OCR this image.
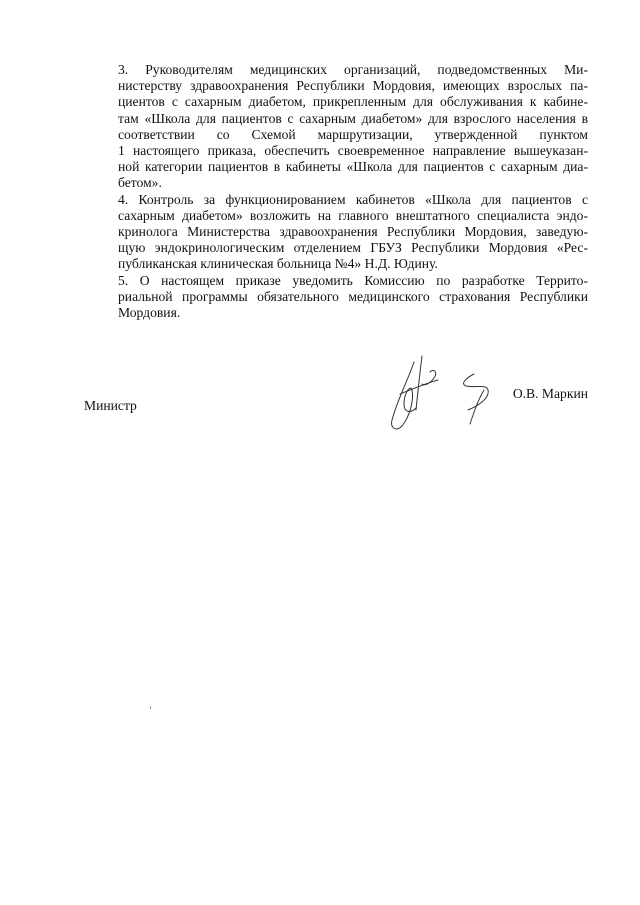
3. Руководителям медицинских организаций, подведомственных Ми-
нистерству здравоохранения Республики Мордовия, имеющих взрослых па-
циентов с сахарным диабетом, прикрепленным для обслуживания к кабине-
там «Школа для пациентов с сахарным диабетом» для взрослого населения в
соответствии со Схемой маршрутизации, утвержденной пунктом
1 настоящего приказа, обеспечить своевременное направление вышеуказан-
ной категории пациентов в кабинеты «Школа для пациентов с сахарным диа-
бетом».
4. Контроль за функционированием кабинетов «Школа для пациентов с
сахарным диабетом» возложить на главного внештатного специалиста эндо-
кринолога Министерства здравоохранения Республики Мордовия, заведую-
щую эндокринологическим отделением ГБУЗ Республики Мордовия «Рес-
публиканская клиническая больница №4» Н.Д. Юдину.
5. О настоящем приказе уведомить Комиссию по разработке Террито-
риальной программы обязательного медицинского страхования Республики
Мордовия.
Министр
О.В. Маркин
